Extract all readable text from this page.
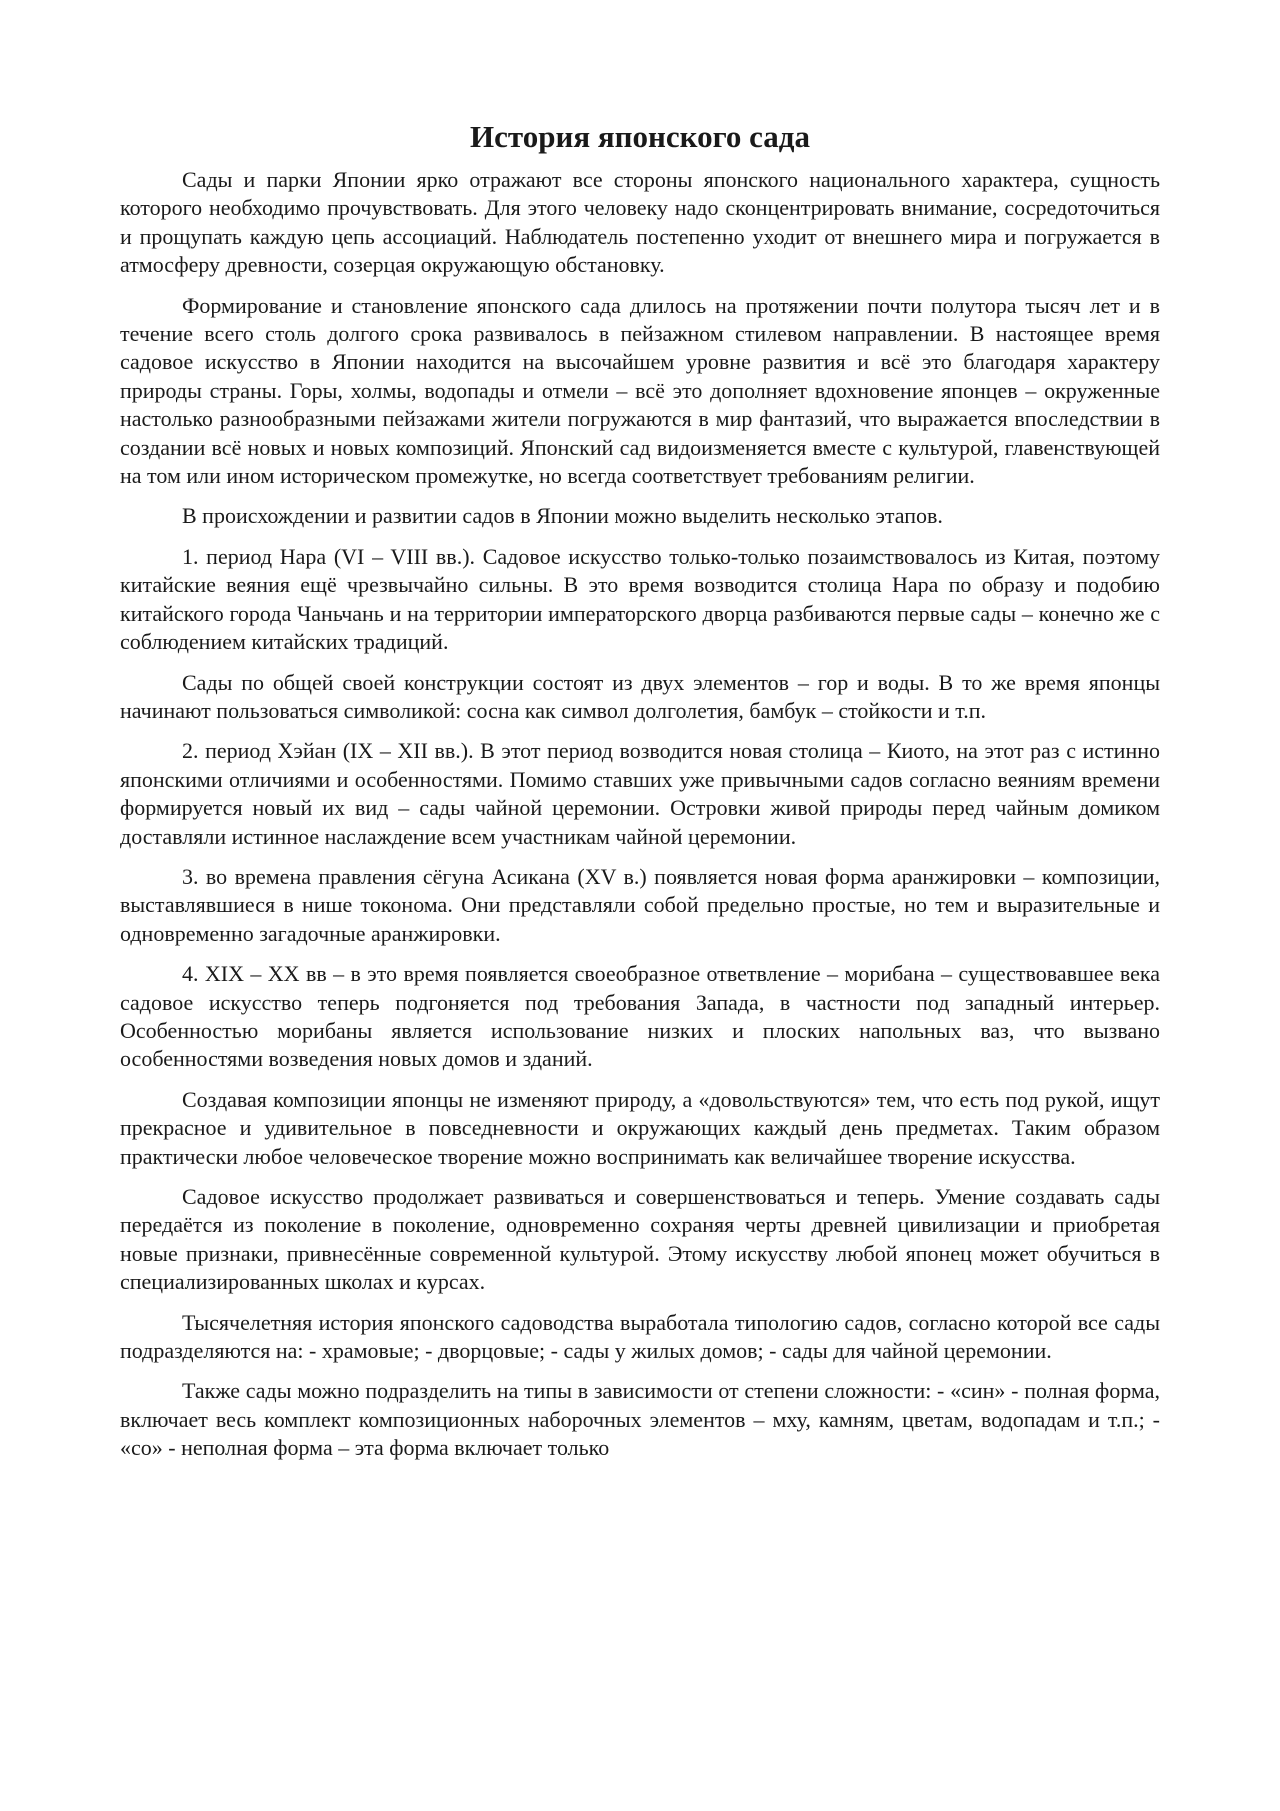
История японского сада

Сады и парки Японии ярко отражают все стороны японского национального характера, сущность которого необходимо прочувствовать. Для этого человеку надо сконцентрировать внимание, сосредоточиться и прощупать каждую цепь ассоциаций. Наблюдатель постепенно уходит от внешнего мира и погружается в атмосферу древности, созерцая окружающую обстановку.

Формирование и становление японского сада длилось на протяжении почти полутора тысяч лет и в течение всего столь долгого срока развивалось в пейзажном стилевом направлении. В настоящее время садовое искусство в Японии находится на высочайшем уровне развития и всё это благодаря характеру природы страны. Горы, холмы, водопады и отмели – всё это дополняет вдохновение японцев – окруженные настолько разнообразными пейзажами жители погружаются в мир фантазий, что выражается впоследствии в создании всё новых и новых композиций. Японский сад видоизменяется вместе с культурой, главенствующей на том или ином историческом промежутке, но всегда соответствует требованиям религии.

В происхождении и развитии садов в Японии можно выделить несколько этапов.

1. период Нара (VI – VIII вв.). Садовое искусство только-только позаимствовалось из Китая, поэтому китайские веяния ещё чрезвычайно сильны. В это время возводится столица Нара по образу и подобию китайского города Чаньчань и на территории императорского дворца разбиваются первые сады – конечно же с соблюдением китайских традиций.

Сады по общей своей конструкции состоят из двух элементов – гор и воды. В то же время японцы начинают пользоваться символикой: сосна как символ долголетия, бамбук – стойкости и т.п.

2. период Хэйан (IX – XII вв.). В этот период возводится новая столица – Киото, на этот раз с истинно японскими отличиями и особенностями. Помимо ставших уже привычными садов согласно веяниям времени формируется новый их вид – сады чайной церемонии. Островки живой природы перед чайным домиком доставляли истинное наслаждение всем участникам чайной церемонии.

3. во времена правления сёгуна Асикана (XV в.) появляется новая форма аранжировки – композиции, выставлявшиеся в нише токонома. Они представляли собой предельно простые, но тем и выразительные и одновременно загадочные аранжировки.

4. XIX – XX вв – в это время появляется своеобразное ответвление – морибана – существовавшее века садовое искусство теперь подгоняется под требования Запада, в частности под западный интерьер. Особенностью морибаны является использование низких и плоских напольных ваз, что вызвано особенностями возведения новых домов и зданий.

Создавая композиции японцы не изменяют природу, а «довольствуются» тем, что есть под рукой, ищут прекрасное и удивительное в повседневности и окружающих каждый день предметах. Таким образом практически любое человеческое творение можно воспринимать как величайшее творение искусства.

Садовое искусство продолжает развиваться и совершенствоваться и теперь. Умение создавать сады передаётся из поколение в поколение, одновременно сохраняя черты древней цивилизации и приобретая новые признаки, привнесённые современной культурой. Этому искусству любой японец может обучиться в специализированных школах и курсах.

Тысячелетняя история японского садоводства выработала типологию садов, согласно которой все сады подразделяются на: - храмовые; - дворцовые; - сады у жилых домов; - сады для чайной церемонии.

Также сады можно подразделить на типы в зависимости от степени сложности: - «син» - полная форма, включает весь комплект композиционных наборочных элементов – мху, камням, цветам, водопадам и т.п.; - «со» - неполная форма – эта форма включает только
